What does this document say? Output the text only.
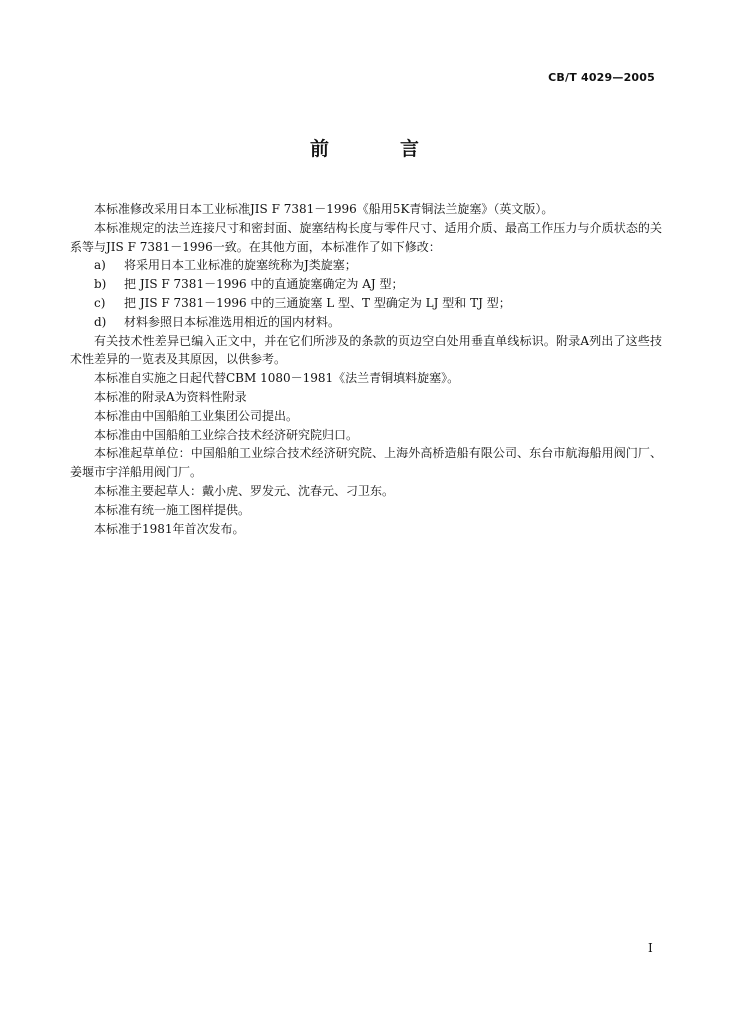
CB/T 4029—2005
前　言

本标准修改采用日本工业标准JIS F 7381－1996《船用5K青铜法兰旋塞》（英文版）。

本标准规定的法兰连接尺寸和密封面、旋塞结构长度与零件尺寸、适用介质、最高工作压力与介质状态的关系等与JIS F 7381－1996一致。在其他方面，本标准作了如下修改：

a)	将采用日本工业标准的旋塞统称为J类旋塞；

b)	把 JIS F 7381－1996 中的直通旋塞确定为 AJ 型；

c)	把 JIS F 7381－1996 中的三通旋塞 L 型、T 型确定为 LJ 型和 TJ 型；

d)	材料参照日本标准选用相近的国内材料。

有关技术性差异已编入正文中，并在它们所涉及的条款的页边空白处用垂直单线标识。附录A列出了这些技术性差异的一览表及其原因，以供参考。

本标准自实施之日起代替CBM 1080－1981《法兰青铜填料旋塞》。

本标准的附录A为资料性附录

本标准由中国船舶工业集团公司提出。

本标准由中国船舶工业综合技术经济研究院归口。

本标准起草单位：中国船舶工业综合技术经济研究院、上海外高桥造船有限公司、东台市航海船用阀门厂、姜堰市宇洋船用阀门厂。

本标准主要起草人：戴小虎、罗发元、沈春元、刁卫东。

本标准有统一施工图样提供。

本标准于1981年首次发布。

I
